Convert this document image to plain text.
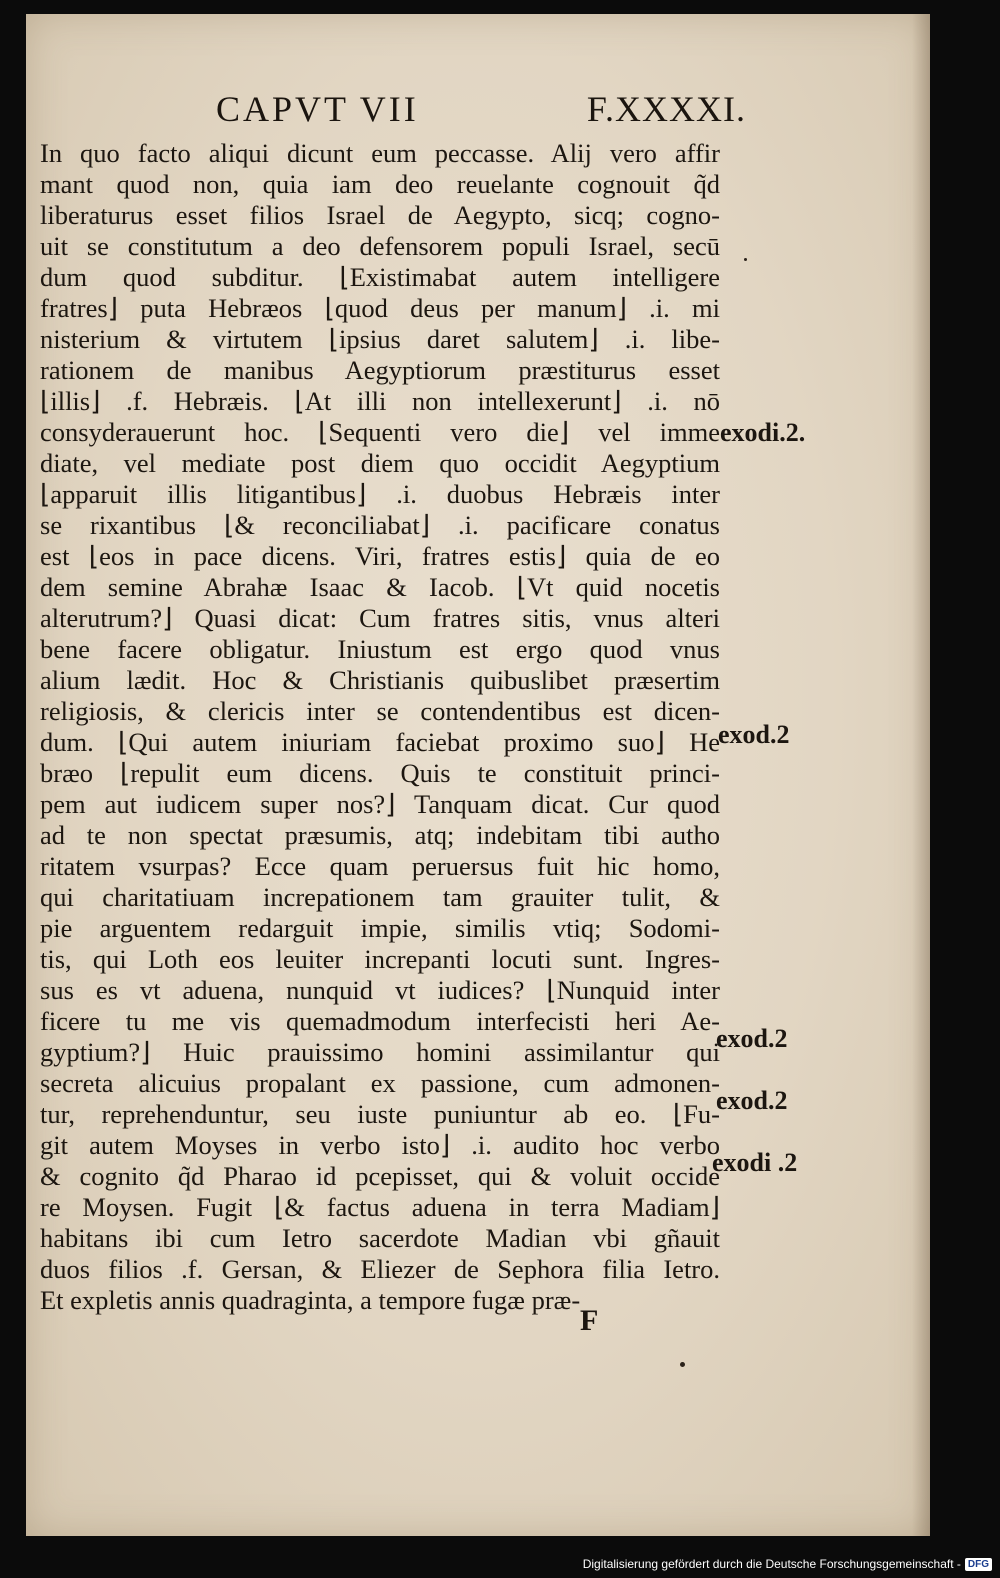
CAPVT VII	F.XXXXI.
In quo facto aliqui dicunt eum peccasse. Alij vero affir
mant quod non, quia iam deo reuelante cognouit q̃d
liberaturus esset filios Israel de Aegypto, sicq; cogno-
uit se constitutum a deo defensorem populi Israel, secū
dum quod subditur. ⌊Existimabat autem intelligere
fratres⌋ puta Hebræos ⌊quod deus per manum⌋ .i. mi
nisterium & virtutem ⌊ipsius daret salutem⌋ .i. libe-
rationem de manibus Aegyptiorum præstiturus esset
⌊illis⌋ .f. Hebræis. ⌊At illi non intellexerunt⌋ .i. nō
consyderauerunt hoc. ⌊Sequenti vero die⌋ vel imme
diate, vel mediate post diem quo occidit Aegyptium
⌊apparuit illis litigantibus⌋ .i. duobus Hebræis inter
se rixantibus ⌊& reconciliabat⌋ .i. pacificare conatus
est ⌊eos in pace dicens. Viri, fratres estis⌋ quia de eo
dem semine Abrahæ Isaac & Iacob. ⌊Vt quid nocetis
alterutrum?⌋ Quasi dicat: Cum fratres sitis, vnus alteri
bene facere obligatur. Iniustum est ergo quod vnus
alium lædit. Hoc & Christianis quibuslibet præsertim
religiosis, & clericis inter se contendentibus est dicen-
dum. ⌊Qui autem iniuriam faciebat proximo suo⌋ He
bræo ⌊repulit eum dicens. Quis te constituit princi-
pem aut iudicem super nos?⌋ Tanquam dicat. Cur quod
ad te non spectat præsumis, atq; indebitam tibi autho
ritatem vsurpas? Ecce quam peruersus fuit hic homo,
qui charitatiuam increpationem tam grauiter tulit, &
pie arguentem redarguit impie, similis vtiq; Sodomi-
tis, qui Loth eos leuiter increpanti locuti sunt. Ingres-
sus es vt aduena, nunquid vt iudices? ⌊Nunquid inter
ficere tu me vis quemadmodum interfecisti heri Ae-
gyptium?⌋ Huic prauissimo homini assimilantur qui
secreta alicuius propalant ex passione, cum admonen-
tur, reprehenduntur, seu iuste puniuntur ab eo. ⌊Fu-
git autem Moyses in verbo isto⌋ .i. audito hoc verbo
& cognito q̃d Pharao id pcepisset, qui & voluit occide
re Moysen. Fugit ⌊& factus aduena in terra Madiam⌋
habitans ibi cum Ietro sacerdote Madian vbi gñauit
duos filios .f. Gersan, & Eliezer de Sephora filia Ietro.
Et expletis annis quadraginta, a tempore fugæ præ-
exodi.2.
exod.2
exod.2
exod.2
exodi .2
F
Digitalisierung gefördert durch die Deutsche Forschungsgemeinschaft - DFG
